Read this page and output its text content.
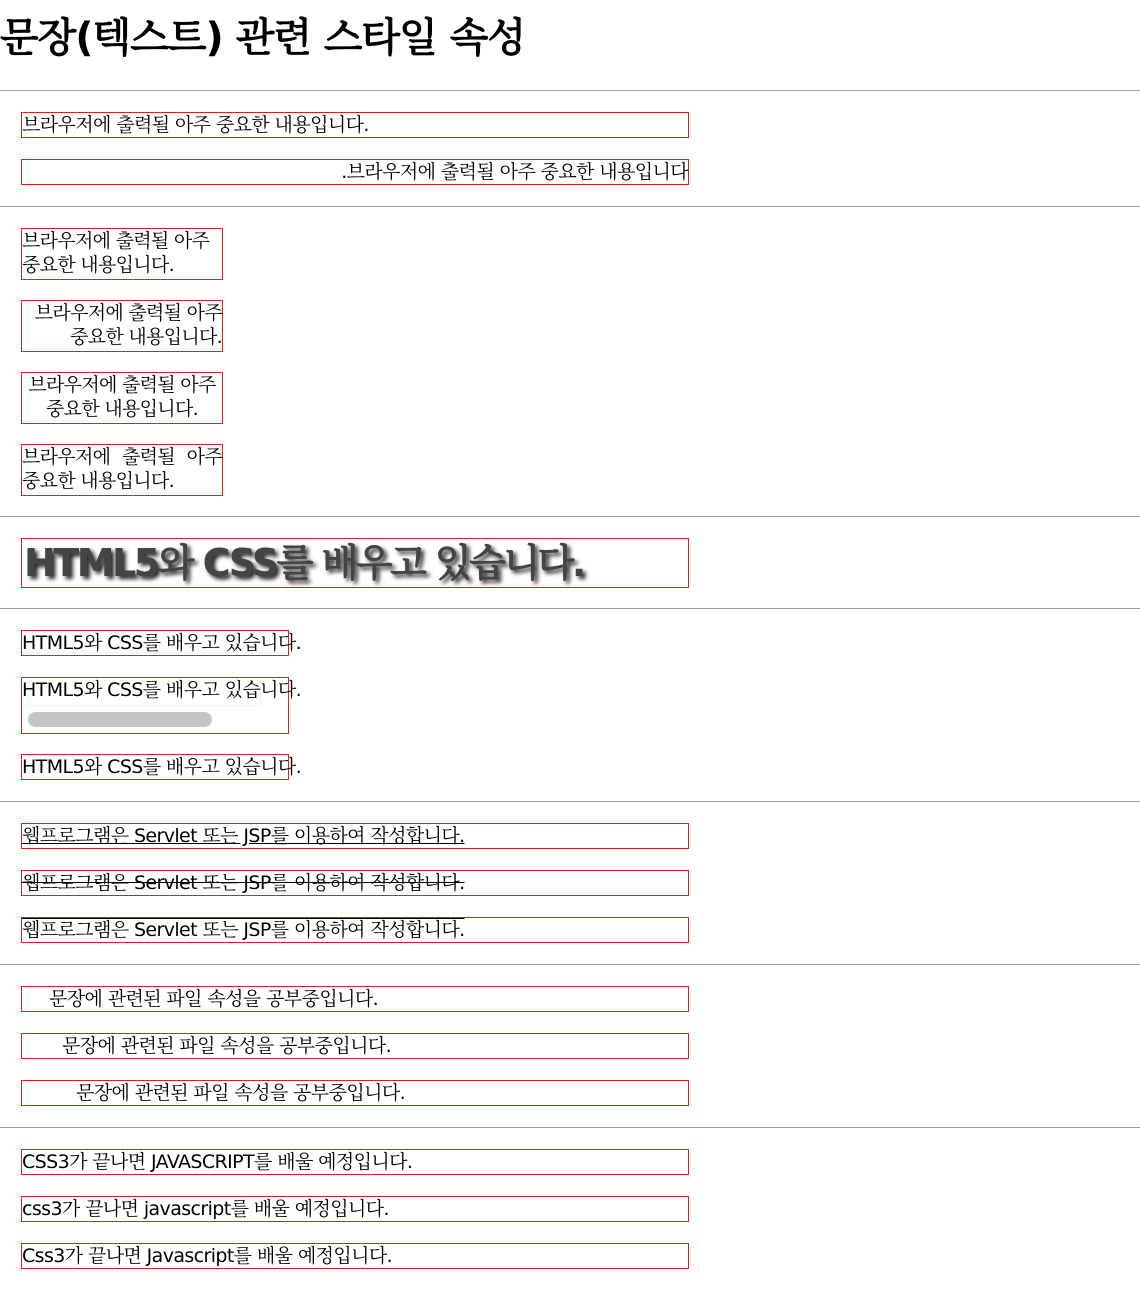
문장(텍스트) 관련 스타일 속성
브라우저에 출력될 아주 중요한 내용입니다.
브라우저에 출력될 아주 중요한 내용입니다.
브라우저에 출력될 아주 중요한 내용입니다.
브라우저에 출력될 아주 중요한 내용입니다.
브라우저에 출력될 아주 중요한 내용입니다.
브라우저에 출력될 아주 중요한 내용입니다.
HTML5와 CSS를 배우고 있습니다.
HTML5와 CSS를 배우고 있습니다.
HTML5와 CSS를 배우고 있습니다.
HTML5와 CSS를 배우고 있습니다.
웹프로그램은 Servlet 또는 JSP를 이용하여 작성합니다.
웹프로그램은 Servlet 또는 JSP를 이용하여 작성합니다.
웹프로그램은 Servlet 또는 JSP를 이용하여 작성합니다.
문장에 관련된 파일 속성을 공부중입니다.
문장에 관련된 파일 속성을 공부중입니다.
문장에 관련된 파일 속성을 공부중입니다.
CSS3가 끝나면 JAVASCRIPT를 배울 예정입니다.
css3가 끝나면 javascript를 배울 예정입니다.
Css3가 끝나면 Javascript를 배울 예정입니다.
